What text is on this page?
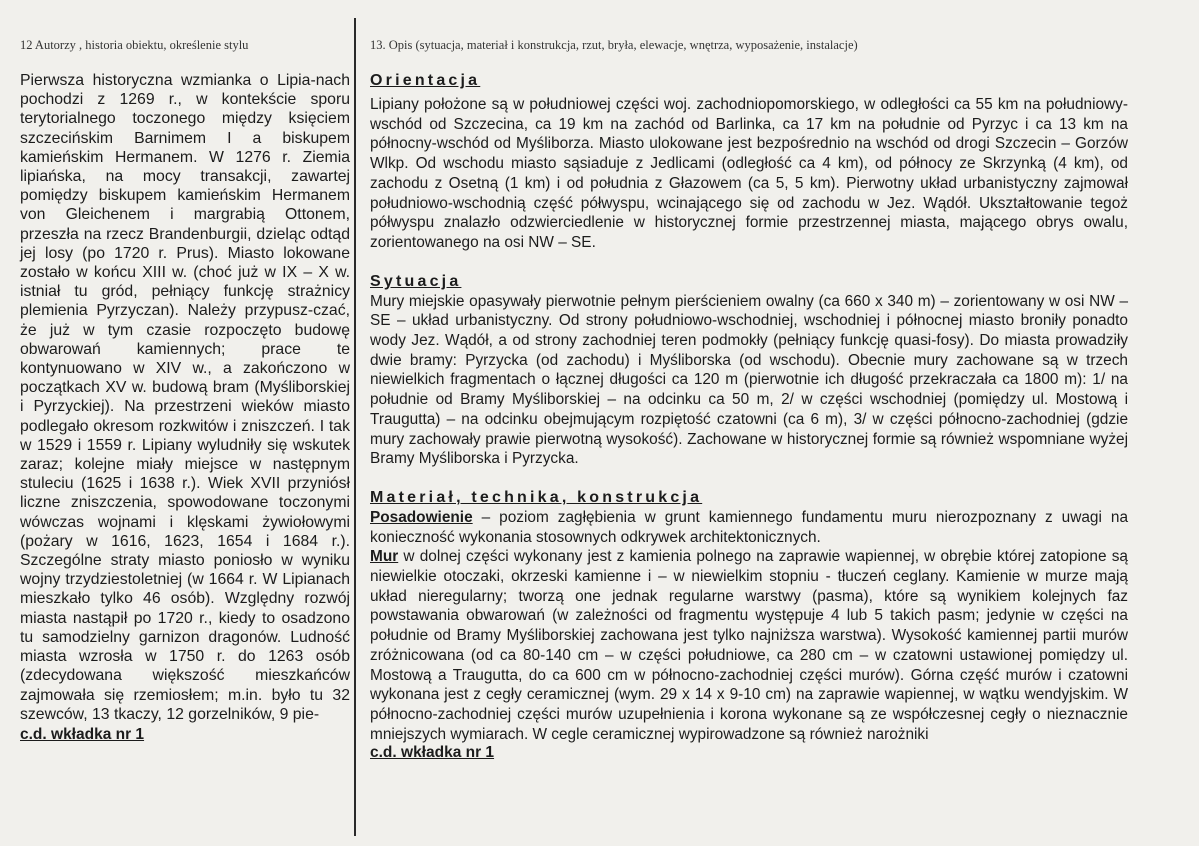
12 Autorzy , historia obiektu, określenie stylu

Pierwsza historyczna wzmianka o Lipia-nach pochodzi z 1269 r., w kontekście sporu terytorialnego toczonego między księciem szczecińskim Barnimem I a biskupem kamieńskim Hermanem. W 1276 r. Ziemia lipiańska, na mocy transakcji, zawartej pomiędzy biskupem kamieńskim Hermanem von Gleichenem i margrabią Ottonem, przeszła na rzecz Brandenburgii, dzieląc odtąd jej losy (po 1720 r. Prus). Miasto lokowane zostało w końcu XIII w. (choć już w IX – X w. istniał tu gród, pełniący funkcję strażnicy plemienia Pyrzyczan). Należy przypusz-czać, że już w tym czasie rozpoczęto budowę obwarowań kamiennych; prace te kontynuowano w XIV w., a zakończono w początkach XV w. budową bram (Myśliborskiej i Pyrzyckiej). Na przestrzeni wieków miasto podlegało okresom rozkwitów i zniszczeń. I tak w 1529 i 1559 r. Lipiany wyludniły się wskutek zaraz; kolejne miały miejsce w następnym stuleciu (1625 i 1638 r.). Wiek XVII przyniósł liczne zniszczenia, spowodowane toczonymi wówczas wojnami i klęskami żywiołowymi (pożary w 1616, 1623, 1654 i 1684 r.). Szczególne straty miasto poniosło w wyniku wojny trzydziestoletniej (w 1664 r. W Lipianach mieszkało tylko 46 osób). Względny rozwój miasta nastąpił po 1720 r., kiedy to osadzono tu samodzielny garnizon dragonów. Ludność miasta wzrosła w 1750 r. do 1263 osób (zdecydowana większość mieszkańców zajmowała się rzemiosłem; m.in. było tu 32 szewców, 13 tkaczy, 12 gorzelników, 9 pie-

c.d. wkładka nr 1
13. Opis (sytuacja, materiał i konstrukcja, rzut, bryła, elewacje, wnętrza, wyposażenie, instalacje)
Orientacja

Lipiany położone są w południowej części woj. zachodniopomorskiego, w odległości ca 55 km na południowy-wschód od Szczecina, ca 19 km na zachód od Barlinka, ca 17 km na południe od Pyrzyc i ca 13 km na północny-wschód od Myśliborza. Miasto ulokowane jest bezpośrednio na wschód od drogi Szczecin – Gorzów Wlkp. Od wschodu miasto sąsiaduje z Jedlicami (odległość ca 4 km), od północy ze Skrzynką (4 km), od zachodu z Osetną (1 km) i od południa z Głazowem (ca 5, 5 km). Pierwotny układ urbanistyczny zajmował południowo-wschodnią część półwyspu, wcinającego się od zachodu w Jez. Wądół. Ukształtowanie tegoż półwyspu znalazło odzwierciedlenie w historycznej formie przestrzennej miasta, mającego obrys owalu, zorientowanego na osi NW – SE.

Sytuacja

Mury miejskie opasywały pierwotnie pełnym pierścieniem owalny (ca 660 x 340 m) – zorientowany w osi NW – SE – układ urbanistyczny. Od strony południowo-wschodniej, wschodniej i północnej miasto broniły ponadto wody Jez. Wądół, a od strony zachodniej teren podmokły (pełniący funkcję quasi-fosy). Do miasta prowadziły dwie bramy: Pyrzycka (od zachodu) i Myśliborska (od wschodu). Obecnie mury zachowane są w trzech niewielkich fragmentach o łącznej długości ca 120 m (pierwotnie ich długość przekraczała ca 1800 m): 1/ na południe od Bramy Myśliborskiej – na odcinku ca 50 m, 2/ w części wschodniej (pomiędzy ul. Mostową i Traugutta) – na odcinku obejmującym rozpiętość czatowni (ca 6 m), 3/ w części północno-zachodniej (gdzie mury zachowały prawie pierwotną wysokość). Zachowane w historycznej formie są również wspomniane wyżej Bramy Myśliborska i Pyrzycka.

Materiał, technika, konstrukcja

Posadowienie – poziom zagłębienia w grunt kamiennego fundamentu muru nierozpoznany z uwagi na konieczność wykonania stosownych odkrywek architektonicznych.

Mur w dolnej części wykonany jest z kamienia polnego na zaprawie wapiennej, w obrębie której zatopione są niewielkie otoczaki, okrzeski kamienne i – w niewielkim stopniu - tłuczeń ceglany. Kamienie w murze mają układ nieregularny; tworzą one jednak regularne warstwy (pasma), które są wynikiem kolejnych faz powstawania obwarowań (w zależności od fragmentu występuje 4 lub 5 takich pasm; jedynie w części na południe od Bramy Myśliborskiej zachowana jest tylko najniższa warstwa). Wysokość kamiennej partii murów zróżnicowana (od ca 80-140 cm – w części południowe, ca 280 cm – w czatowni ustawionej pomiędzy ul. Mostową a Traugutta, do ca 600 cm w północno-zachodniej części murów). Górna część murów i czatowni wykonana jest z cegły ceramicznej (wym. 29 x 14 x 9-10 cm) na zaprawie wapiennej, w wątku wendyjskim. W północno-zachodniej części murów uzupełnienia i korona wykonane są ze współczesnej cegły o nieznacznie mniejszych wymiarach. W cegle ceramicznej wypirowadzone są również narożniki

c.d. wkładka nr 1
